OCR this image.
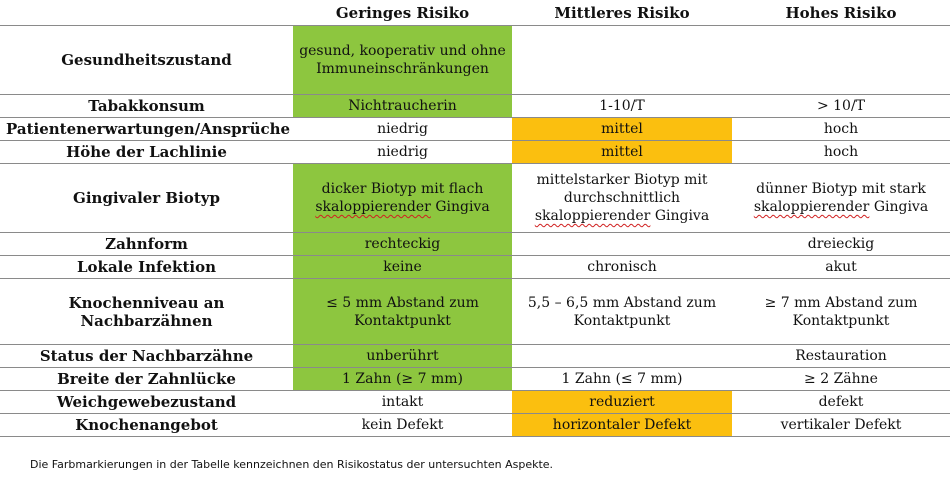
	Geringes Risiko	Mittleres Risiko	Hohes Risiko
Gesundheitszustand	gesund, kooperativ und ohne Immuneinschränkungen		
Tabakkonsum	Nichtraucherin	1-10/T	> 10/T
Patientenerwartungen/Ansprüche	niedrig	mittel	hoch
Höhe der Lachlinie	niedrig	mittel	hoch
Gingivaler Biotyp	dicker Biotyp mit flach skaloppierender Gingiva	mittelstarker Biotyp mit durchschnittlich skaloppierender Gingiva	dünner Biotyp mit stark skaloppierender Gingiva
Zahnform	rechteckig		dreieckig
Lokale Infektion	keine	chronisch	akut
Knochenniveau an Nachbarzähnen	≤ 5 mm Abstand zum Kontaktpunkt	5,5 – 6,5 mm Abstand zum Kontaktpunkt	≥ 7 mm Abstand zum Kontaktpunkt
Status der Nachbarzähne	unberührt		Restauration
Breite der Zahnlücke	1 Zahn (≥ 7 mm)	1 Zahn (≤ 7 mm)	≥ 2 Zähne
Weichgewebezustand	intakt	reduziert	defekt
Knochenangebot	kein Defekt	horizontaler Defekt	vertikaler Defekt

Die Farbmarkierungen in der Tabelle kennzeichnen den Risikostatus der untersuchten Aspekte.
